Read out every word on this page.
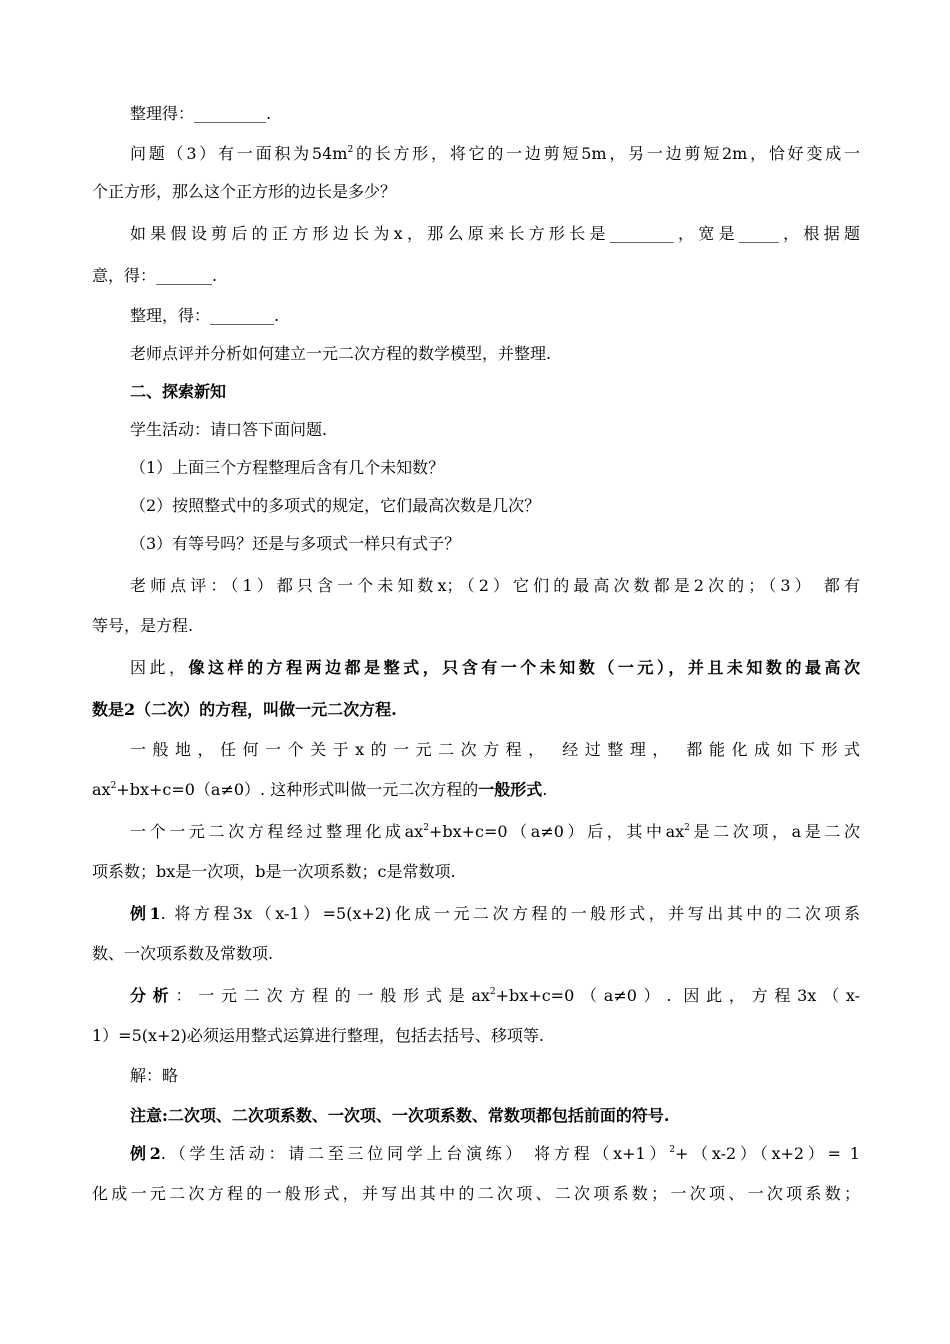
整理得：_________.
问题（3）有一面积为$54m^2$的长方形，将它的一边剪短5m，另一边剪短2m，恰好变成一
个正方形，那么这个正方形的边长是多少？
如果假设剪后的正方形边长为x，那么原来长方形长是________，宽是_____，根据题
意，得：_______.
整理，得：________.
老师点评并分析如何建立一元二次方程的数学模型，并整理.
二、探索新知
学生活动：请口答下面问题.
（1）上面三个方程整理后含有几个未知数？
（2）按照整式中的多项式的规定，它们最高次数是几次？
（3）有等号吗？还是与多项式一样只有式子？
老师点评：（1）都只含一个未知数x；（2）它们的最高次数都是2次的；（3） 都有
等号，是方程.
因此，像这样的方程两边都是整式，只含有一个未知数（一元），并且未知数的最高次
数是2（二次）的方程，叫做一元二次方程.
一般地，任何一个关于x的一元二次方程， 经过整理， 都能化成如下形式
$ax^2+bx+c=0(a\ne 0)$. 这种形式叫做一元二次方程的一般形式.
一个一元二次方程经过整理化成$ax^2+bx+c=0(a\ne 0)$后，其中$ax^2$是二次项，a是二次
项系数；bx是一次项，b是一次项系数；c是常数项.
例1. 将方程3x（x-1）=5(x+2)化成一元二次方程的一般形式，并写出其中的二次项系
数、一次项系数及常数项.
分析：一元二次方程的一般形式是$ax^2+bx+c=0(a\ne 0)$. 因此，方程3x（x-
1）=5(x+2)必须运用整式运算进行整理，包括去括号、移项等.
解：略
注意:二次项、二次项系数、一次项、一次项系数、常数项都包括前面的符号.
例2.（学生活动：请二至三位同学上台演练） 将方程$(x+1)^2+(x-2)(x+2)= 1$
化成一元二次方程的一般形式，并写出其中的二次项、二次项系数；一次项、一次项系数；
